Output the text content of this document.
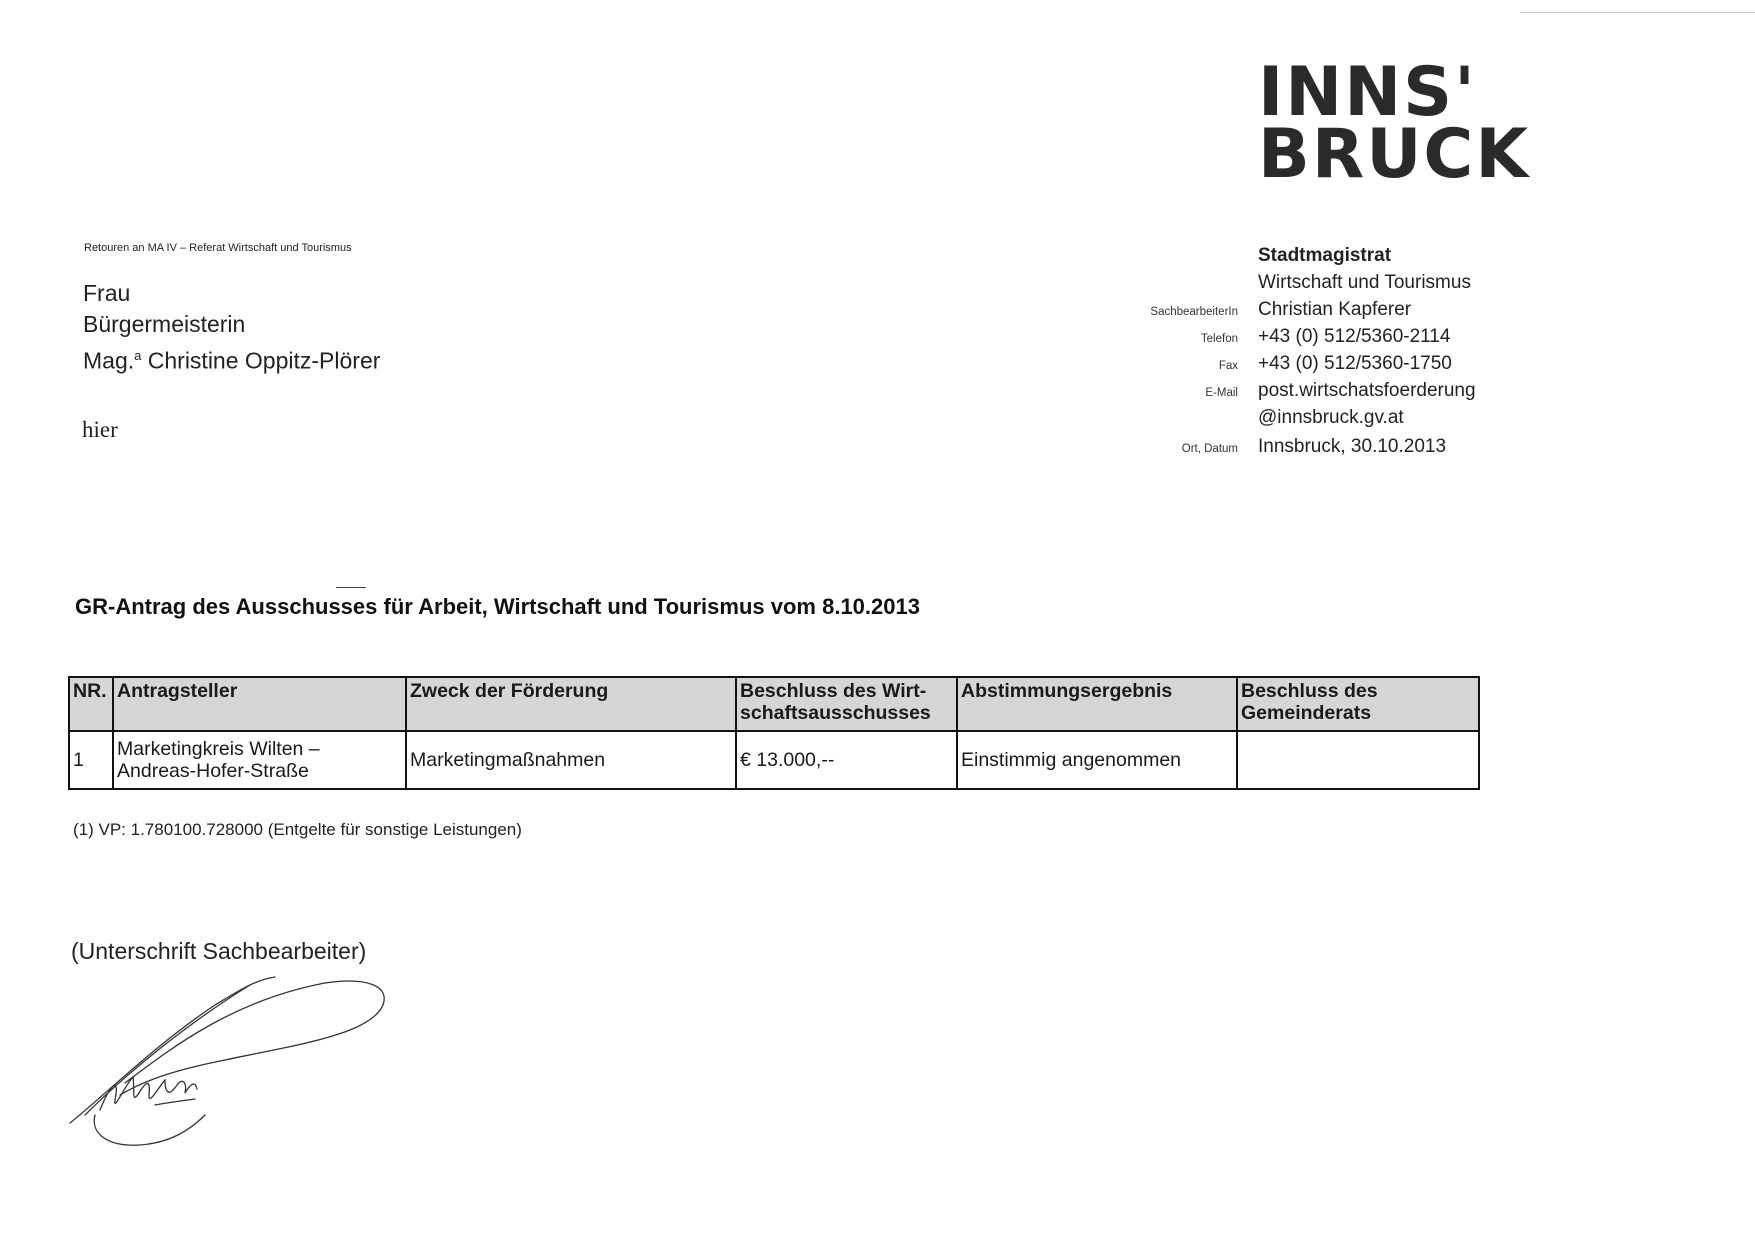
INNS'
BRUCK
Retouren an MA IV – Referat Wirtschaft und Tourismus
Frau
Bürgermeisterin
Mag.$^a$ Christine Oppitz-Plörer
hier
Stadtmagistrat
Wirtschaft und Tourismus
SachbearbeiterIn Christian Kapferer
Telefon +43 (0) 512/5360-2114
Fax +43 (0) 512/5360-1750
E-Mail post.wirtschatsfoerderung
@innsbruck.gv.at
Ort, Datum Innsbruck, 30.10.2013
GR-Antrag des Ausschusses für Arbeit, Wirtschaft und Tourismus vom 8.10.2013
NR.	Antragsteller	Zweck der Förderung	Beschluss des Wirt-schaftsausschusses	Abstimmungsergebnis	Beschluss des Gemeinderats
1	Marketingkreis Wilten – Andreas-Hofer-Straße	Marketingmaßnahmen	€ 13.000,--	Einstimmig angenommen	
(1) VP: 1.780100.728000 (Entgelte für sonstige Leistungen)
(Unterschrift Sachbearbeiter)
